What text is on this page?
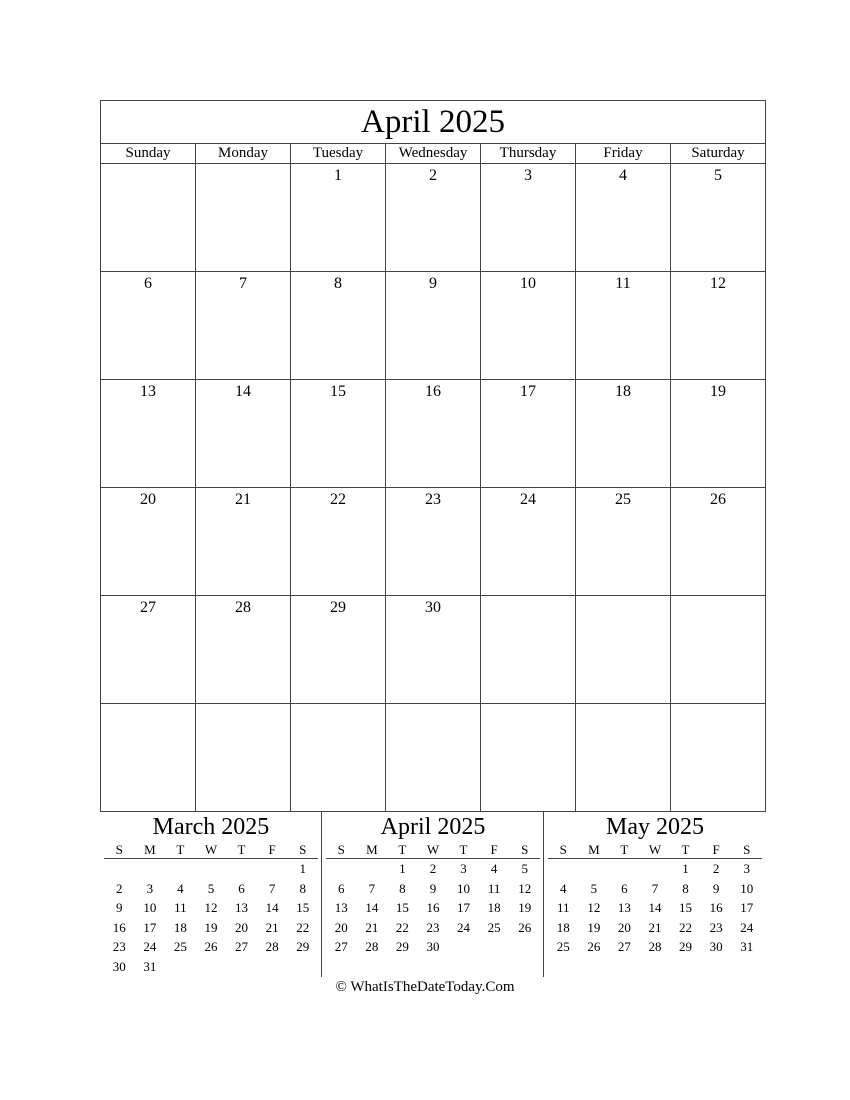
April 2025						
Sunday	Monday	Tuesday	Wednesday	Thursday	Friday	Saturday
		1	2	3	4	5
6	7	8	9	10	11	12
13	14	15	16	17	18	19
20	21	22	23	24	25	26
27	28	29	30			

March 2025
S	M	T	W	T	F	S
						1
2	3	4	5	6	7	8
9	10	11	12	13	14	15
16	17	18	19	20	21	22
23	24	25	26	27	28	29
30	31					
April 2025
S	M	T	W	T	F	S
		1	2	3	4	5
6	7	8	9	10	11	12
13	14	15	16	17	18	19
20	21	22	23	24	25	26
27	28	29	30			
May 2025
S	M	T	W	T	F	S
				1	2	3
4	5	6	7	8	9	10
11	12	13	14	15	16	17
18	19	20	21	22	23	24
25	26	27	28	29	30	31
© WhatIsTheDateToday.Com
